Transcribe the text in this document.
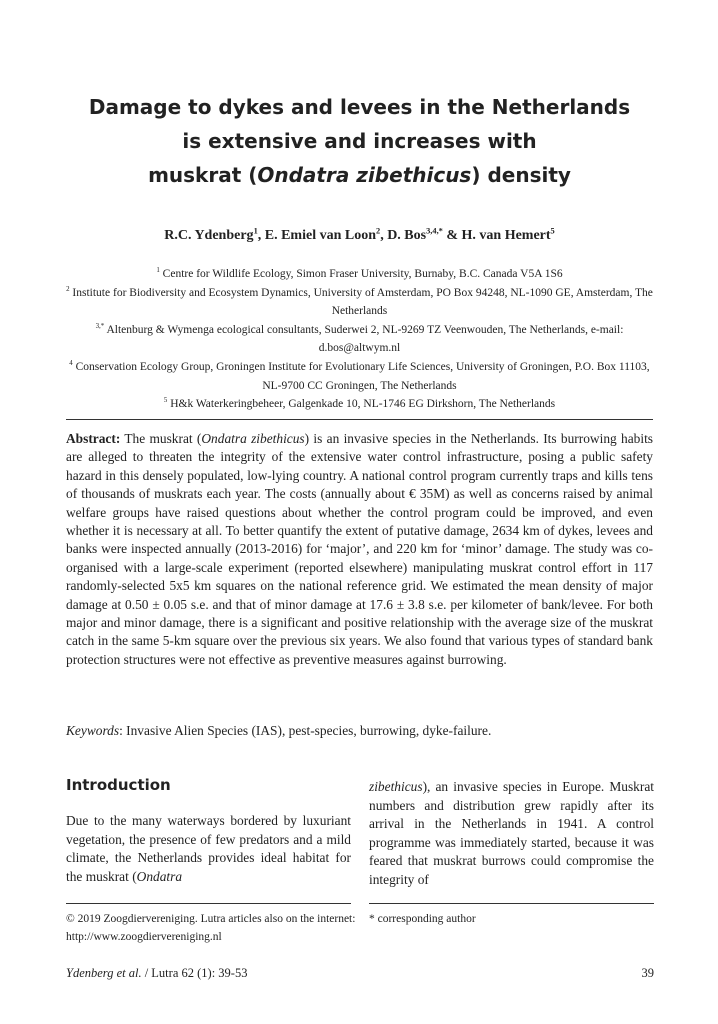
Damage to dykes and levees in the Netherlands
is extensive and increases with
muskrat (Ondatra zibethicus) density
R.C. Ydenberg$^1$, E. Emiel van Loon$^2$, D. Bos$^{3,4,*}$ & H. van Hemert$^5$
$^1$ Centre for Wildlife Ecology, Simon Fraser University, Burnaby, B.C. Canada V5A 1S6
$^2$ Institute for Biodiversity and Ecosystem Dynamics, University of Amsterdam, PO Box 94248, NL-1090 GE, Amsterdam, The Netherlands
$^{3,*}$ Altenburg & Wymenga ecological consultants, Suderwei 2, NL-9269 TZ Veenwouden, The Netherlands, e-mail: d.bos@altwym.nl
$^4$ Conservation Ecology Group, Groningen Institute for Evolutionary Life Sciences, University of Groningen, P.O. Box 11103, NL-9700 CC Groningen, The Netherlands
$^5$ H&k Waterkeringbeheer, Galgenkade 10, NL-1746 EG Dirkshorn, The Netherlands
Abstract: The muskrat (Ondatra zibethicus) is an invasive species in the Netherlands. Its burrowing habits are alleged to threaten the integrity of the extensive water control infrastructure, posing a public safety hazard in this densely populated, low-lying country. A national control program currently traps and kills tens of thousands of muskrats each year. The costs (annually about € 35M) as well as concerns raised by animal welfare groups have raised questions about whether the control program could be improved, and even whether it is necessary at all. To better quantify the extent of putative damage, 2634 km of dykes, levees and banks were inspected annually (2013-2016) for ‘major’, and 220 km for ‘minor’ damage. The study was co-organised with a large-scale experiment (reported elsewhere) manipulating muskrat control effort in 117 randomly-selected 5x5 km squares on the national reference grid. We estimated the mean density of major damage at 0.50 ± 0.05 s.e. and that of minor damage at 17.6 ± 3.8 s.e. per kilometer of bank/levee. For both major and minor damage, there is a significant and positive relationship with the average size of the muskrat catch in the same 5-km square over the previous six years. We also found that various types of standard bank protection structures were not effective as preventive measures against burrowing.
Keywords: Invasive Alien Species (IAS), pest-species, burrowing, dyke-failure.
Introduction

Due to the many waterways bordered by luxuriant vegetation, the presence of few predators and a mild climate, the Netherlands provides ideal habitat for the muskrat (Ondatra

zibethicus), an invasive species in Europe. Muskrat numbers and distribution grew rapidly after its arrival in the Netherlands in 1941. A control programme was immediately started, because it was feared that muskrat burrows could compromise the integrity of

© 2019 Zoogdiervereniging. Lutra articles also on the internet: http://www.zoogdiervereniging.nl
* corresponding author
Ydenberg et al. / Lutra 62 (1): 39-53	39
